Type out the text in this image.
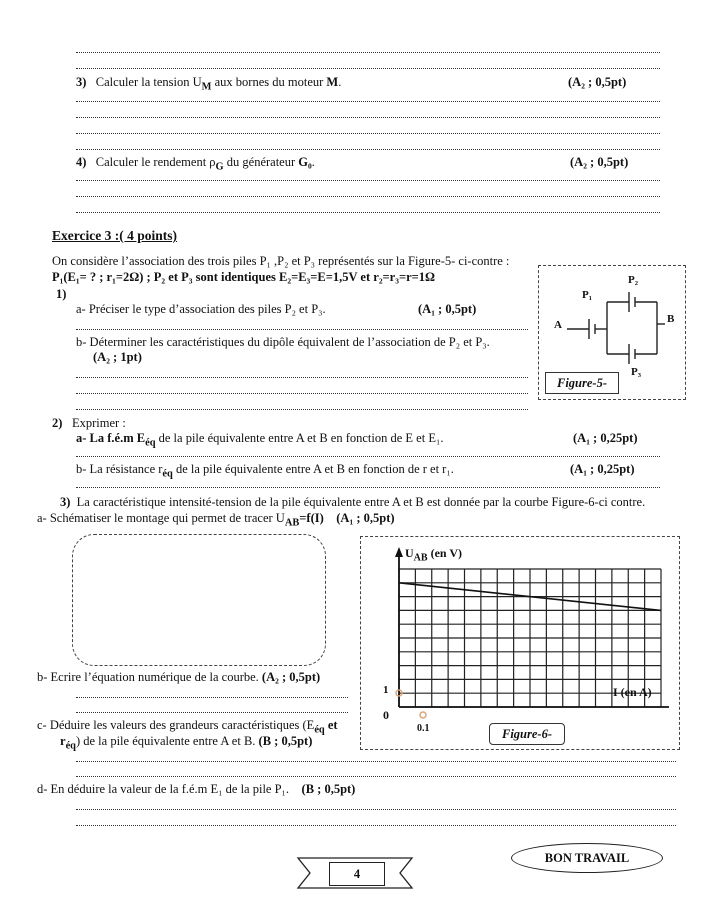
3) Calculer la tension $U_M$ aux bornes du moteur M.	(A₂ ; 0,5pt)
4) Calculer le rendement $\rho_G$ du générateur G₀.	(A₂ ; 0,5pt)
Exercice 3 :( 4 points)
On considère l’association des trois piles P₁ ,P₂ et P₃ représentés sur la Figure-5- ci-contre :
P₁(E₁= ? ; r₁=2Ω) ; P₂ et P₃ sont identiques E₂=E₃=E=1,5V et r₂=r₃=r=1Ω
1)
a- Préciser le type d’association des piles P₂ et P₃.	(A₁ ; 0,5pt)
b- Déterminer les caractéristiques du dipôle équivalent de l’association de P₂ et P₃.
(A₂ ; 1pt)
P₁
P₂
P₃
A	B
Figure-5-
2) Exprimer :
a- La f.é.m $E_{éq}$ de la pile équivalente entre A et B en fonction de E et E₁.	(A₁ ; 0,25pt)
b- La résistance $r_{éq}$ de la pile équivalente entre A et B en fonction de r et r₁.	(A₁ ; 0,25pt)
3) La caractéristique intensité-tension de la pile équivalente entre A et B est donnée par la courbe Figure-6-ci contre.
a- Schématiser le montage qui permet de tracer $U_{AB}=f(I)$ (A₁ ; 0,5pt)
b- Ecrire l’équation numérique de la courbe. (A₂ ; 0,5pt)
c- Déduire les valeurs des grandeurs caractéristiques ($E_{éq}$ et
$r_{éq}$) de la pile équivalente entre A et B. (B ; 0,5pt)
$U_{AB}$ (en V)
I (en A)
1
0.1
0
Figure-6-
d- En déduire la valeur de la f.é.m E₁ de la pile P₁. (B ; 0,5pt)
BON TRAVAIL
4
